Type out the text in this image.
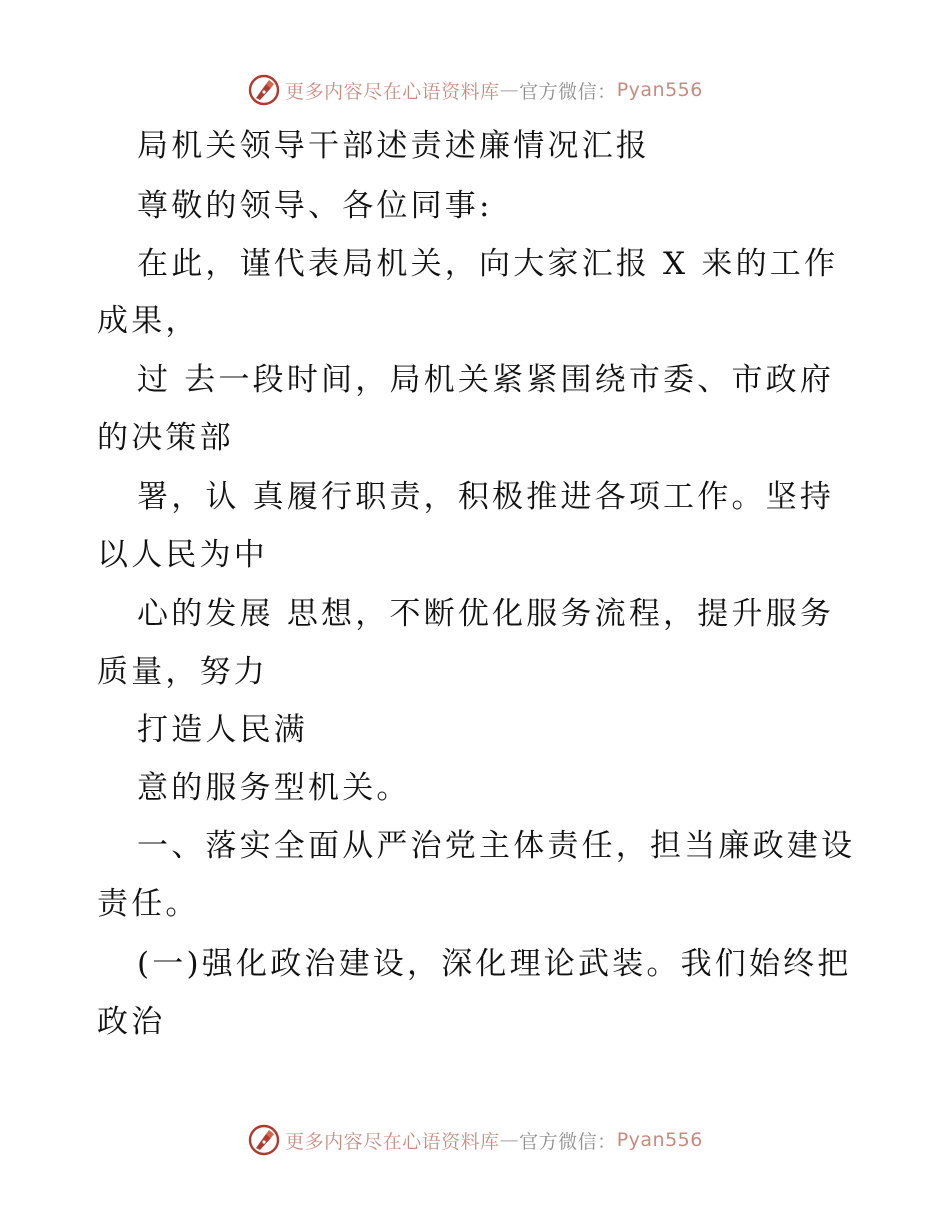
更多内容尽在心语资料库 — 官方微信： Pyan556
局机关领导干部述责述廉情况汇报
尊敬的领导、各位同事:
在此，谨代表局机关，向大家汇报 X 来的工作
成果，
过 去一段时间，局机关紧紧围绕市委、市政府
的决策部
署，认 真履行职责，积极推进各项工作。坚持
以人民为中
心的发展 思想，不断优化服务流程，提升服务
质量，努力
打造人民满
意的服务型机关。
一、落实全面从严治党主体责任，担当廉政建设
责任。
(一)强化政治建设，深化理论武装。我们始终把
政治
更多内容尽在心语资料库 — 官方微信： Pyan556
